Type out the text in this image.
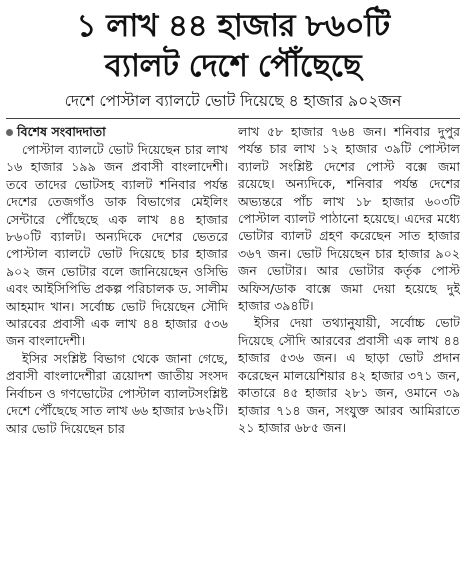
১ লাখ ৪৪ হাজার ৮৬০টি
ব্যালট দেশে পৌঁছেছে
দেশে পোস্টাল ব্যালটে ভোট দিয়েছে ৪ হাজার ৯০২জন
বিশেষ সংবাদদাতা

পোস্টাল ব্যালটে ভোট দিয়েছেন চার লাখ ১৬ হাজার ১৯৯ জন প্রবাসী বাংলাদেশী। তবে তাদের ভোটসহ ব্যালট শনিবার পর্যন্ত দেশের তেজগাঁও ডাক বিভাগের মেইলিং সেন্টারে পৌঁছেছে এক লাখ ৪৪ হাজার ৮৬০টি ব্যালট। অন্যদিকে দেশের ভেতরে পোস্টাল ব্যালটে ভোট দিয়েছে চার হাজার ৯০২ জন ভোটার বলে জানিয়েছেন ওসিভি এবং আইসিপিভি প্রকল্প পরিচালক ড. সালীম আহমাদ খান। সর্বোচ্চ ভোট দিয়েছেন সৌদি আরবের প্রবাসী এক লাখ ৪৪ হাজার ৫৩৬ জন বাংলাদেশী।

ইসির সংশ্লিষ্ট বিভাগ থেকে জানা গেছে, প্রবাসী বাংলাদেশীরা ত্রয়োদশ জাতীয় সংসদ নির্বাচন ও গণভোটের পোস্টাল ব্যালটসংশ্লিষ্ট দেশে পৌঁছেছে সাত লাখ ৬৬ হাজার ৮৬২টি। আর ভোট দিয়েছেন চার

লাখ ৫৮ হাজার ৭৬৪ জন। শনিবার দুপুর পর্যন্ত চার লাখ ১২ হাজার ৩৯টি পোস্টাল ব্যালট সংশ্লিষ্ট দেশের পোস্ট বক্সে জমা রয়েছে। অন্যদিকে, শনিবার পর্যন্ত দেশের অভ্যন্তরে পাঁচ লাখ ১৮ হাজার ৬০৩টি পোস্টাল ব্যালট পাঠানো হয়েছে। এদের মধ্যে ভোটার ব্যালট গ্রহণ করেছেন সাত হাজার ৩৬৭ জন। ভোট দিয়েছেন চার হাজার ৯০২ জন ভোটার। আর ভোটার কর্তৃক পোস্ট অফিস/ডাক বাক্সে জমা দেয়া হয়েছে দুই হাজার ৩৯৪টি।

ইসির দেয়া তথ্যানুযায়ী, সর্বোচ্চ ভোট দিয়েছে সৌদি আরবের প্রবাসী এক লাখ ৪৪ হাজার ৫৩৬ জন। এ ছাড়া ভোট প্রদান করেছেন মালয়েশিয়ার ৪২ হাজার ৩৭১ জন, কাতারে ৪৫ হাজার ২৮১ জন, ওমানে ৩৯ হাজার ৭১৪ জন, সংযুক্ত আরব আমিরাতে ২১ হাজার ৬৮৫ জন।
